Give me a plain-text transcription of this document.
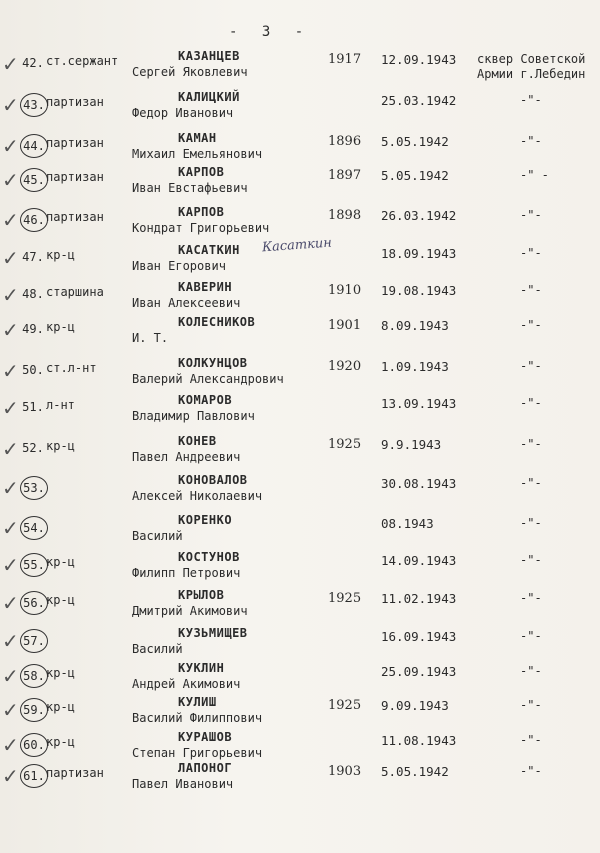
- 3 -
✓ 42. ст.сержант	КАЗАНЦЕВ
Сергей Яковлевич
1917 12.09.1943 сквер Советской Армии г.Лебедин
✓ 43. партизан	КАЛИЦКИЙ
Федор Иванович
25.03.1942	-"-
✓ 44. партизан	КАМАН
Михаил Емельянович
1896 5.05.1942	-"-
✓ 45. партизан	КАРПОВ
Иван Евстафьевич
1897 5.05.1942	-" -
✓ 46. партизан	КАРПОВ
Кондрат Григорьевич
1898 26.03.1942	-"-
✓ 47. кр-ц	КАСАТКИН
Иван Егорович
18.09.1943	-"-
Касаткин
✓ 48. старшина	КАВЕРИН
Иван Алексеевич
1910 19.08.1943	-"-
✓ 49. кр-ц	КОЛЕСНИКОВ
И. Т.
1901 8.09.1943	-"-
✓ 50. ст.л-нт	КОЛКУНЦОВ
Валерий Александрович
1920 1.09.1943	-"-
✓ 51. л-нт	КОМАРОВ
Владимир Павлович
13.09.1943	-"-
✓ 52. кр-ц	КОНЕВ
Павел Андреевич
1925 9.9.1943	-"-
✓ 53.
КОНОВАЛОВ
Алексей Николаевич
30.08.1943	-"-
✓ 54.
КОРЕНКО
Василий
08.1943	-"-
✓ 55. кр-ц	КОСТУНОВ
Филипп Петрович
14.09.1943	-"-
✓ 56. кр-ц	КРЫЛОВ
Дмитрий Акимович
1925 11.02.1943	-"-
✓ 57.
КУЗЬМИЩЕВ
Василий
16.09.1943	-"-
✓ 58. кр-ц	КУКЛИН
Андрей Акимович
25.09.1943	-"-
✓ 59. кр-ц	КУЛИШ
Василий Филиппович
1925 9.09.1943	-"-
✓ 60. кр-ц	КУРАШОВ
Степан Григорьевич
11.08.1943	-"-
✓ 61. партизан	ЛАПОНОГ
Павел Иванович
1903 5.05.1942	-"-
